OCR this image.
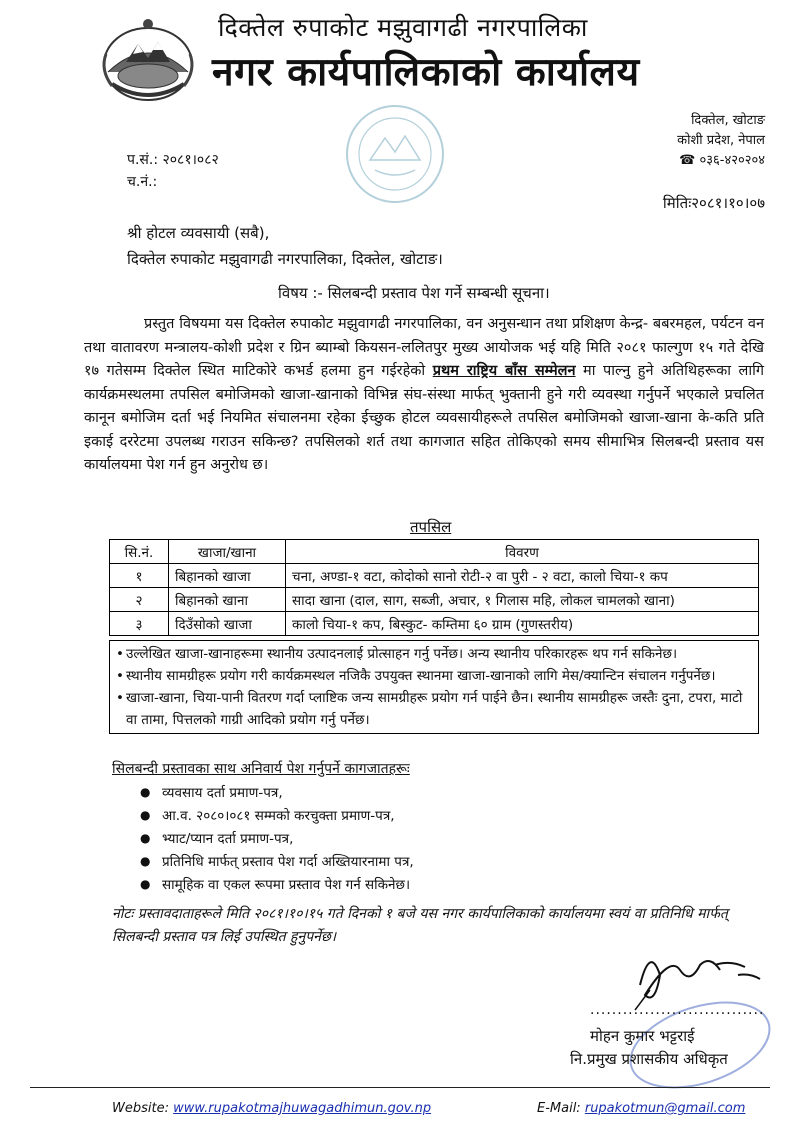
दिक्तेल रुपाकोट मझुवागढी नगरपालिका
नगर कार्यपालिकाको कार्यालय
दिक्तेल, खोटाङ
कोशी प्रदेश, नेपाल
☎ ०३६-४२०२०४
प.सं.: २०८१।०८२
च.नं.:
मितिः२०८१।१०।०७
श्री होटल व्यवसायी (सबै),
दिक्तेल रुपाकोट मझुवागढी नगरपालिका, दिक्तेल, खोटाङ।
विषय :- सिलबन्दी प्रस्ताव पेश गर्ने सम्बन्धी सूचना।
प्रस्तुत विषयमा यस दिक्तेल रुपाकोट मझुवागढी नगरपालिका, वन अनुसन्धान तथा प्रशिक्षण केन्द्र- बबरमहल, पर्यटन वन तथा वातावरण मन्त्रालय-कोशी प्रदेश र ग्रिन ब्याम्बो कियसन-ललितपुर मुख्य आयोजक भई यहि मिति २०८१ फाल्गुण १५ गते देखि १७ गतेसम्म दिक्तेल स्थित माटिकोरे कभर्ड हलमा हुन गईरहेको प्रथम राष्ट्रिय बाँस सम्मेलन मा पाल्नु हुने अतिथिहरूका लागि कार्यक्रमस्थलमा तपसिल बमोजिमको खाजा-खानाको विभिन्न संघ-संस्था मार्फत् भुक्तानी हुने गरी व्यवस्था गर्नुपर्ने भएकाले प्रचलित कानून बमोजिम दर्ता भई नियमित संचालनमा रहेका ईच्छुक होटल व्यवसायीहरूले तपसिल बमोजिमको खाजा-खाना के-कति प्रति इकाई दररेटमा उपलब्ध गराउन सकिन्छ? तपसिलको शर्त तथा कागजात सहित तोकिएको समय सीमाभित्र सिलबन्दी प्रस्ताव यस कार्यालयमा पेश गर्न हुन अनुरोध छ।
तपसिल
सि.नं.	खाजा/खाना	विवरण
१	बिहानको खाजा	चना, अण्डा-१ वटा, कोदोको सानो रोटी-२ वा पुरी - २ वटा, कालो चिया-१ कप
२	बिहानको खाना	सादा खाना (दाल, साग, सब्जी, अचार, १ गिलास महि, लोकल चामलको खाना)
३	दिउँसोको खाजा	कालो चिया-१ कप, बिस्कुट- कम्तिमा ६० ग्राम (गुणस्तरीय)
• उल्लेखित खाजा-खानाहरूमा स्थानीय उत्पादनलाई प्रोत्साहन गर्नु पर्नेछ। अन्य स्थानीय परिकारहरू थप गर्न सकिनेछ।
• स्थानीय सामग्रीहरू प्रयोग गरी कार्यक्रमस्थल नजिकै उपयुक्त स्थानमा खाजा-खानाको लागि मेस/क्यान्टिन संचालन गर्नुपर्नेछ।
• खाजा-खाना, चिया-पानी वितरण गर्दा प्लाष्टिक जन्य सामग्रीहरू प्रयोग गर्न पाईने छैन। स्थानीय सामग्रीहरू जस्तैः दुना, टपरा, माटो वा तामा, पित्तलको गाग्री आदिको प्रयोग गर्नु पर्नेछ।
सिलबन्दी प्रस्तावका साथ अनिवार्य पेश गर्नुपर्ने कागजातहरूः
● व्यवसाय दर्ता प्रमाण-पत्र,
● आ.व. २०८०।०८१ सम्मको करचुक्ता प्रमाण-पत्र,
● भ्याट/प्यान दर्ता प्रमाण-पत्र,
● प्रतिनिधि मार्फत् प्रस्ताव पेश गर्दा अख्तियारनामा पत्र,
● सामूहिक वा एकल रूपमा प्रस्ताव पेश गर्न सकिनेछ।
नोटः प्रस्तावदाताहरूले मिति २०८१।१०।१५ गते दिनको १ बजे यस नगर कार्यपालिकाको कार्यालयमा स्वयं वा प्रतिनिधि मार्फत् सिलबन्दी प्रस्ताव पत्र लिई उपस्थित हुनुपर्नेछ।
................................
मोहन कुमार भट्टराई
नि.प्रमुख प्रशासकीय अधिकृत
Website: www.rupakotmajhuwagadhimun.gov.np	E-Mail: rupakotmun@gmail.com
